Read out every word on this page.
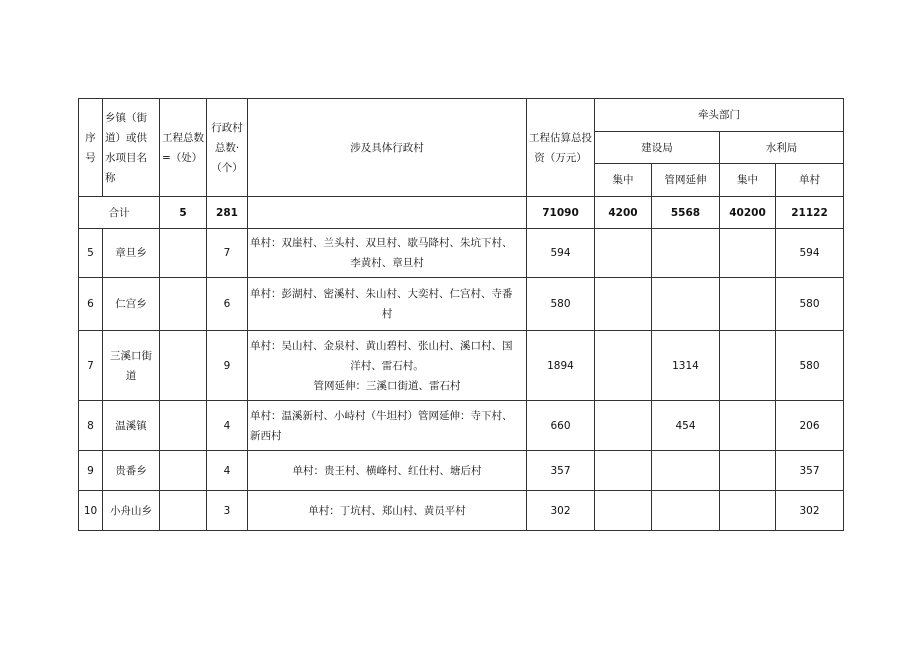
序号	乡镇（街道）或供水项目名称	工程总数=（处）	行政村总数·（个）	涉及具体行政村	工程估算总投资（万元）	牵头部门			
						建设局		水利局	
						集中	管网延伸	集中	单村
合计		5	281		71090	4200	5568	40200	21122
5	章旦乡		7	单村：双崖村、兰头村、双旦村、歇马降村、朱坑下村、
李黄村、章旦村	594				594
6	仁宫乡		6	单村：彭湖村、密溪村、朱山村、大奕村、仁宫村、寺番
村	580				580
7	三溪口街道		9	单村：吴山村、金泉村、黄山碧村、张山村、溪口村、国
洋村、雷石村。
管网延伸：三溪口街道、雷石村	1894		1314		580
8	温溪镇		4	单村：温溪新村、小峙村（牛坦村）管网延伸：寺下村、
新西村	660		454		206
9	贵番乡		4	单村：贵王村、横峰村、红仕村、塘后村	357				357
10	小舟山乡		3	单村：丁坑村、郑山村、黄员平村	302				302
